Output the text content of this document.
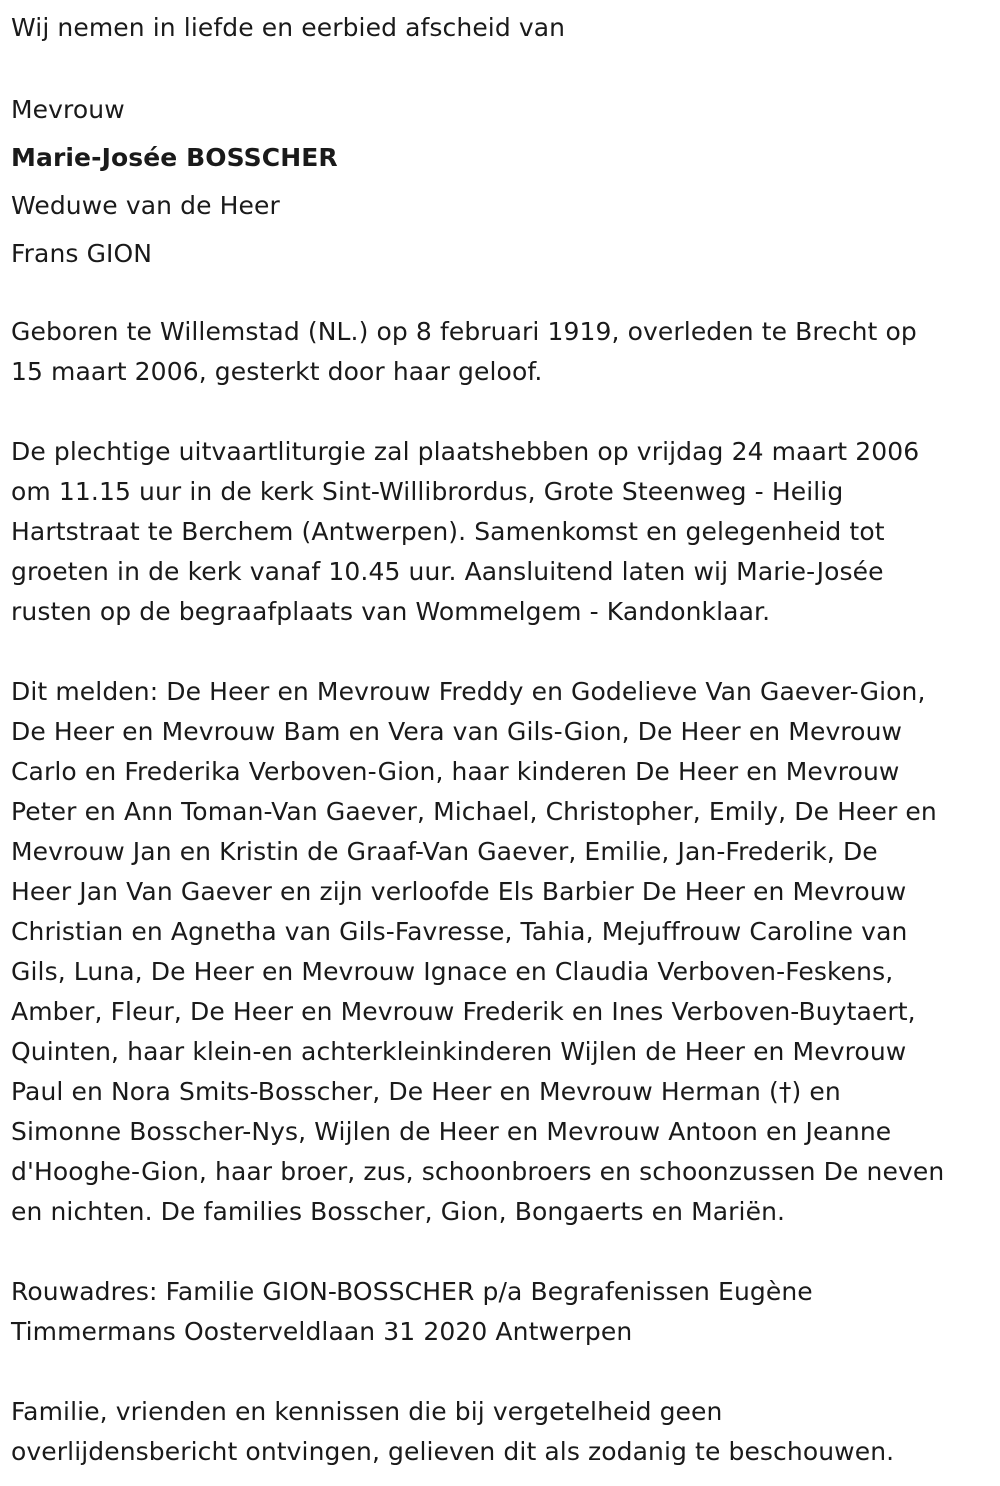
Wij nemen in liefde en eerbied afscheid van

Mevrouw

Marie-Josée BOSSCHER

Weduwe van de Heer

Frans GION

Geboren te Willemstad (NL.) op 8 februari 1919, overleden te Brecht op

15 maart 2006, gesterkt door haar geloof.

De plechtige uitvaartliturgie zal plaatshebben op vrijdag 24 maart 2006

om 11.15 uur in de kerk Sint-Willibrordus, Grote Steenweg - Heilig

Hartstraat te Berchem (Antwerpen). Samenkomst en gelegenheid tot

groeten in de kerk vanaf 10.45 uur. Aansluitend laten wij Marie-Josée

rusten op de begraafplaats van Wommelgem - Kandonklaar.

Dit melden: De Heer en Mevrouw Freddy en Godelieve Van Gaever-Gion,

De Heer en Mevrouw Bam en Vera van Gils-Gion, De Heer en Mevrouw

Carlo en Frederika Verboven-Gion, haar kinderen De Heer en Mevrouw

Peter en Ann Toman-Van Gaever, Michael, Christopher, Emily, De Heer en

Mevrouw Jan en Kristin de Graaf-Van Gaever, Emilie, Jan-Frederik, De

Heer Jan Van Gaever en zijn verloofde Els Barbier De Heer en Mevrouw

Christian en Agnetha van Gils-Favresse, Tahia, Mejuffrouw Caroline van

Gils, Luna, De Heer en Mevrouw Ignace en Claudia Verboven-Feskens,

Amber, Fleur, De Heer en Mevrouw Frederik en Ines Verboven-Buytaert,

Quinten, haar klein-en achterkleinkinderen Wijlen de Heer en Mevrouw

Paul en Nora Smits-Bosscher, De Heer en Mevrouw Herman (†) en

Simonne Bosscher-Nys, Wijlen de Heer en Mevrouw Antoon en Jeanne

d'Hooghe-Gion, haar broer, zus, schoonbroers en schoonzussen De neven

en nichten. De families Bosscher, Gion, Bongaerts en Mariën.

Rouwadres: Familie GION-BOSSCHER p/a Begrafenissen Eugène

Timmermans Oosterveldlaan 31 2020 Antwerpen

Familie, vrienden en kennissen die bij vergetelheid geen

overlijdensbericht ontvingen, gelieven dit als zodanig te beschouwen.
